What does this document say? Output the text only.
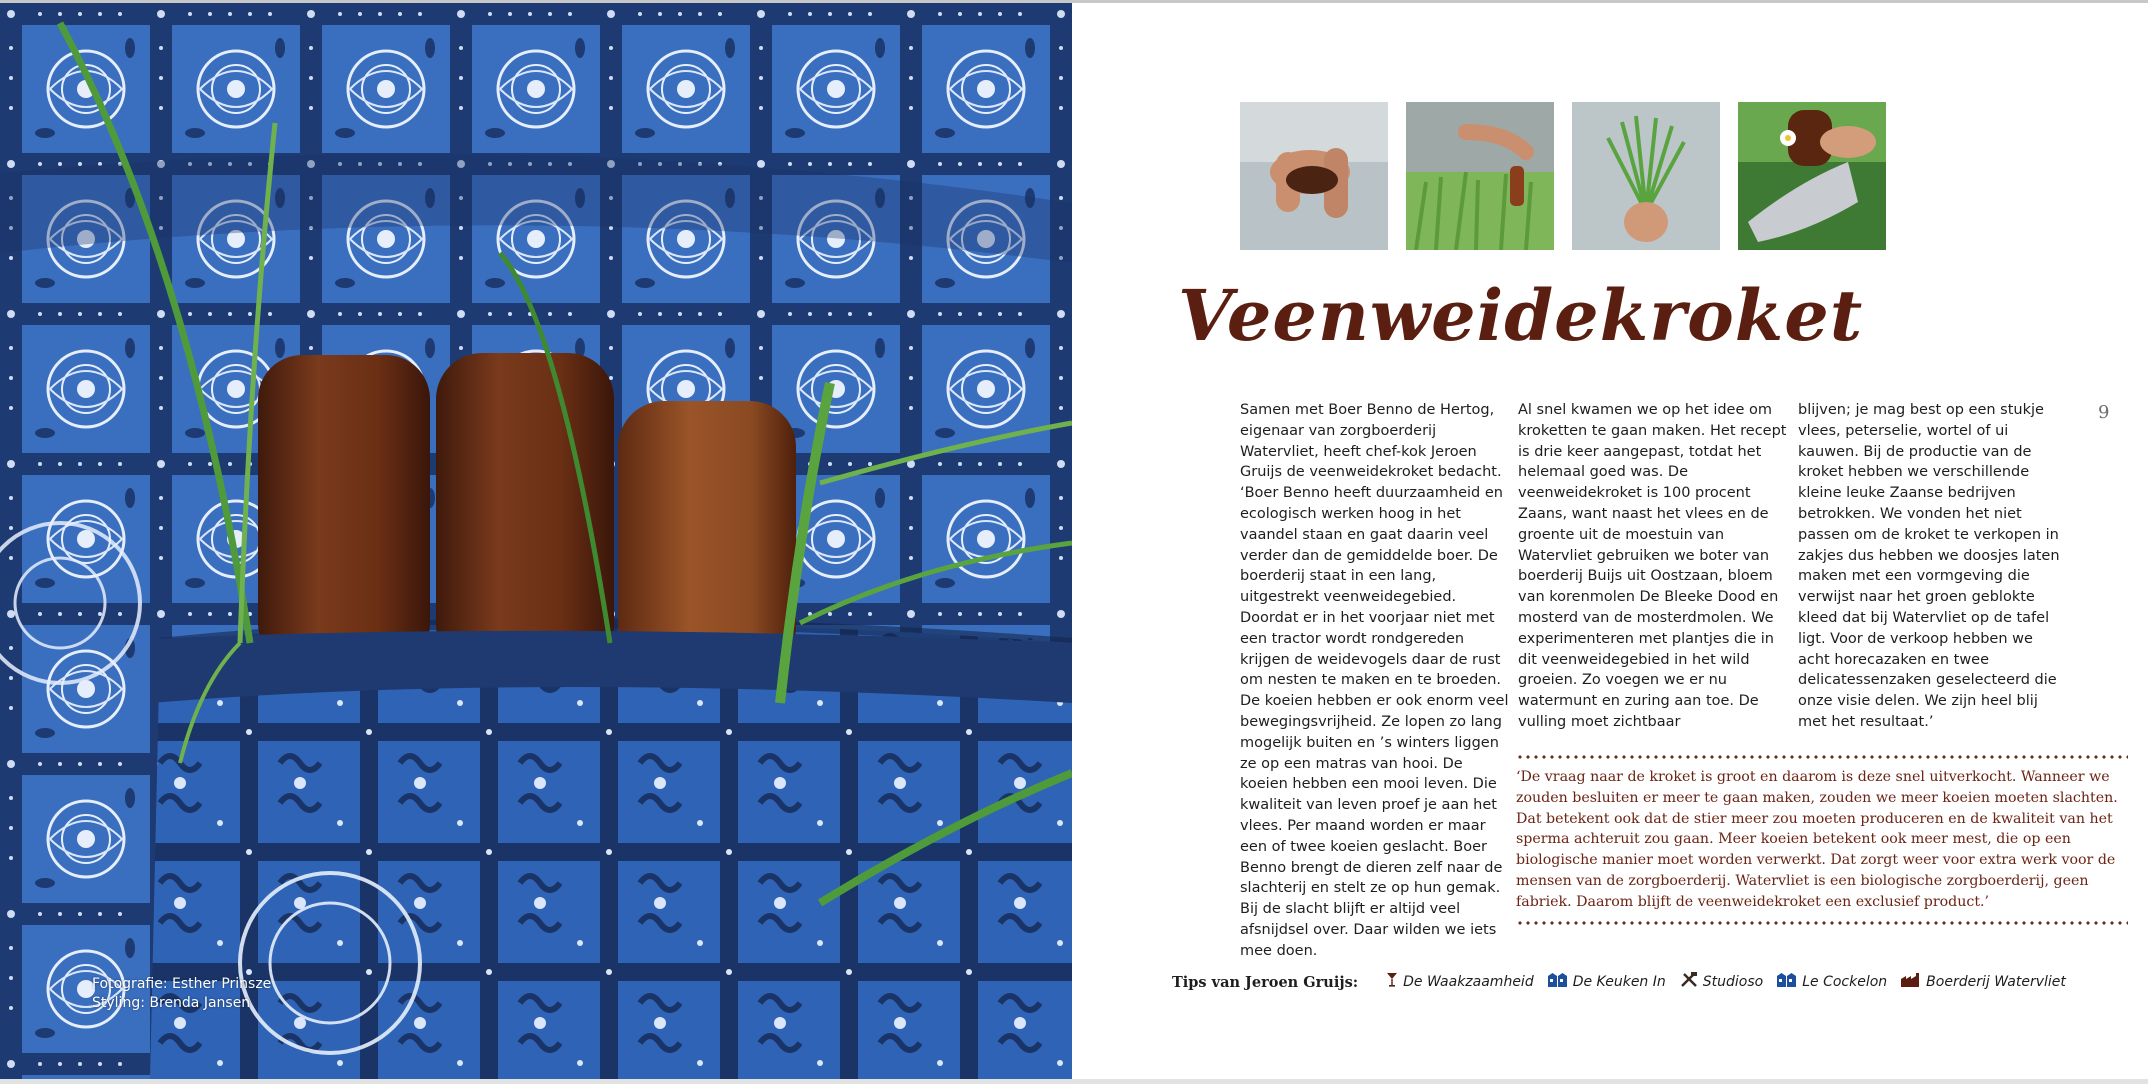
Fotografie: Esther Prinsze
Styling: Brenda Jansen
Veenweidekroket

Samen met Boer Benno de Hertog, eigenaar van zorgboerderij Watervliet, heeft chef-kok Jeroen Gruijs de veenweidekroket bedacht. ‘Boer Benno heeft duurzaamheid en ecologisch werken hoog in het vaandel staan en gaat daarin veel verder dan de gemiddelde boer. De boerderij staat in een lang, uitgestrekt veenweidegebied. Doordat er in het voorjaar niet met een tractor wordt rondgereden krijgen de weidevogels daar de rust om nesten te maken en te broeden. De koeien hebben er ook enorm veel bewegingsvrijheid. Ze lopen zo lang mogelijk buiten en ’s winters liggen ze op een matras van hooi. De koeien hebben een mooi leven. Die kwaliteit van leven proef je aan het vlees. Per maand worden er maar een of twee koeien geslacht. Boer Benno brengt de dieren zelf naar de slachterij en stelt ze op hun gemak. Bij de slacht blijft er altijd veel afsnijdsel over. Daar wilden we iets mee doen.

Al snel kwamen we op het idee om kroketten te gaan maken. Het recept is drie keer aangepast, totdat het helemaal goed was. De veenweidekroket is 100 procent Zaans, want naast het vlees en de groente uit de moestuin van Watervliet gebruiken we boter van boerderij Buijs uit Oostzaan, bloem van korenmolen De Bleeke Dood en mosterd van de mosterdmolen. We experimenteren met plantjes die in dit veenweidegebied in het wild groeien. Zo voegen we er nu watermunt en zuring aan toe. De vulling moet zichtbaar

blijven; je mag best op een stukje vlees, peterselie, wortel of ui kauwen. Bij de productie van de kroket hebben we verschillende kleine leuke Zaanse bedrijven betrokken. We vonden het niet passen om de kroket te verkopen in zakjes dus hebben we doosjes laten maken met een vormgeving die verwijst naar het groen geblokte kleed dat bij Watervliet op de tafel ligt. Voor de verkoop hebben we acht horecazaken en twee delicatessenzaken geselecteerd die onze visie delen. We zijn heel blij met het resultaat.’

9

‘De vraag naar de kroket is groot en daarom is deze snel uitverkocht. Wanneer we zouden besluiten er meer te gaan maken, zouden we meer koeien moeten slachten. Dat betekent ook dat de stier meer zou moeten produceren en de kwaliteit van het sperma achteruit zou gaan. Meer koeien betekent ook meer mest, die op een biologische manier moet worden verwerkt. Dat zorgt weer voor extra werk voor de mensen van de zorgboerderij. Watervliet is een biologische zorgboerderij, geen fabriek. Daarom blijft de veenweidekroket een exclusief product.’

Tips van Jeroen Gruijs:	De Waakzaamheid	De Keuken In	Studioso	Le Cockelon	Boerderij Watervliet
